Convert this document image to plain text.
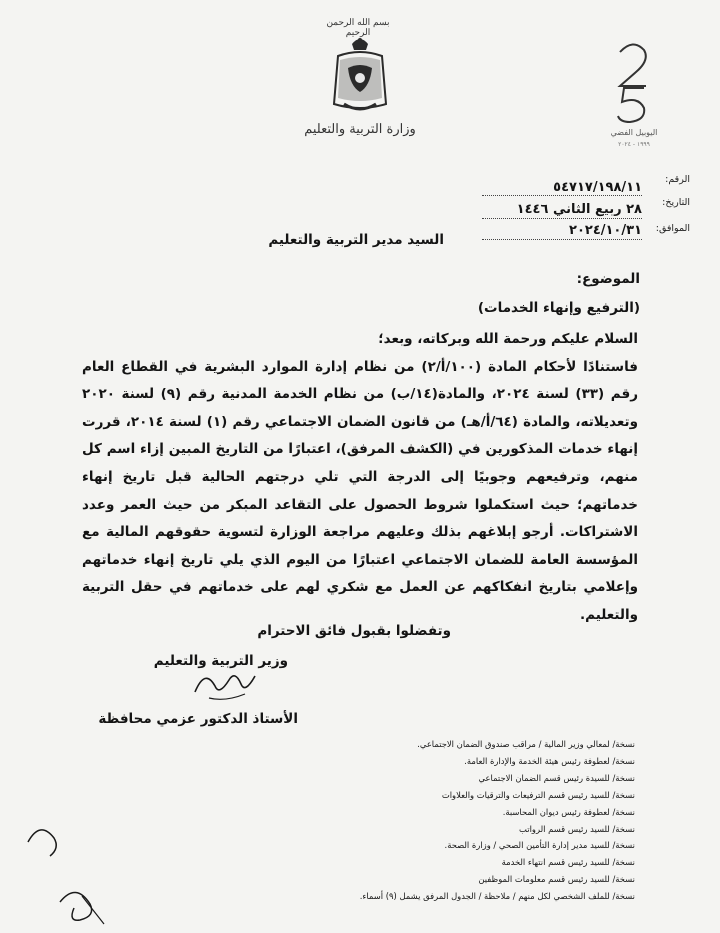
بسم الله الرحمن الرحيم
وزارة التربية والتعليم	اليوبيل الفضي
١٩٩٩ - ٢٠٢٤
الرقم:
٥٤٧١٧/١٩٨/١١
التاريخ:
٢٨ ربيع الثاني ١٤٤٦
الموافق:
٢٠٢٤/١٠/٣١
السيد مدير التربية والتعليم
الموضوع:
(الترفيع وإنهاء الخدمات)

السلام عليكم ورحمة الله وبركاته، وبعد؛

فاستنادًا لأحكام المادة (١٠٠/أ/٢) من نظام إدارة الموارد البشرية في القطاع العام رقم (٣٣) لسنة ٢٠٢٤، والمادة(١٤/ب) من نظام الخدمة المدنية رقم (٩) لسنة ٢٠٢٠ وتعديلاته، والمادة (٦٤/أ/هـ) من قانون الضمان الاجتماعي رقم (١) لسنة ٢٠١٤، قررت إنهاء خدمات المذكورين في (الكشف المرفق)، اعتبارًا من التاريخ المبين إزاء اسم كل منهم، وترفيعهم وجوبيًا إلى الدرجة التي تلي درجتهم الحالية قبل تاريخ إنهاء خدماتهم؛ حيث استكملوا شروط الحصول على التقاعد المبكر من حيث العمر وعدد الاشتراكات. أرجو إبلاغهم بذلك وعليهم مراجعة الوزارة لتسوية حقوقهم المالية مع المؤسسة العامة للضمان الاجتماعي اعتبارًا من اليوم الذي يلي تاريخ إنهاء خدماتهم وإعلامي بتاريخ انفكاكهم عن العمل مع شكري لهم على خدماتهم في حقل التربية والتعليم.

وتفضلوا بقبول فائق الاحترام
وزير التربية والتعليم
الأستاذ الدكتور عزمي محافظة
نسخة/ لمعالي وزير المالية / مراقب صندوق الضمان الاجتماعي.
نسخة/ لعطوفة رئيس هيئة الخدمة والإدارة العامة.
نسخة/ للسيدة رئيس قسم الضمان الاجتماعي
نسخة/ للسيد رئيس قسم الترفيعات والترقيات والعلاوات
نسخة/ لعطوفة رئيس ديوان المحاسبة.
نسخة/ للسيد رئيس قسم الرواتب
نسخة/ للسيد مدير إدارة التأمين الصحي / وزارة الصحة.
نسخة/ للسيد رئيس قسم انتهاء الخدمة
نسخة/ للسيد رئيس قسم معلومات الموظفين
نسخة/ للملف الشخصي لكل منهم / ملاحظة / الجدول المرفق يشمل (٩) أسماء.
